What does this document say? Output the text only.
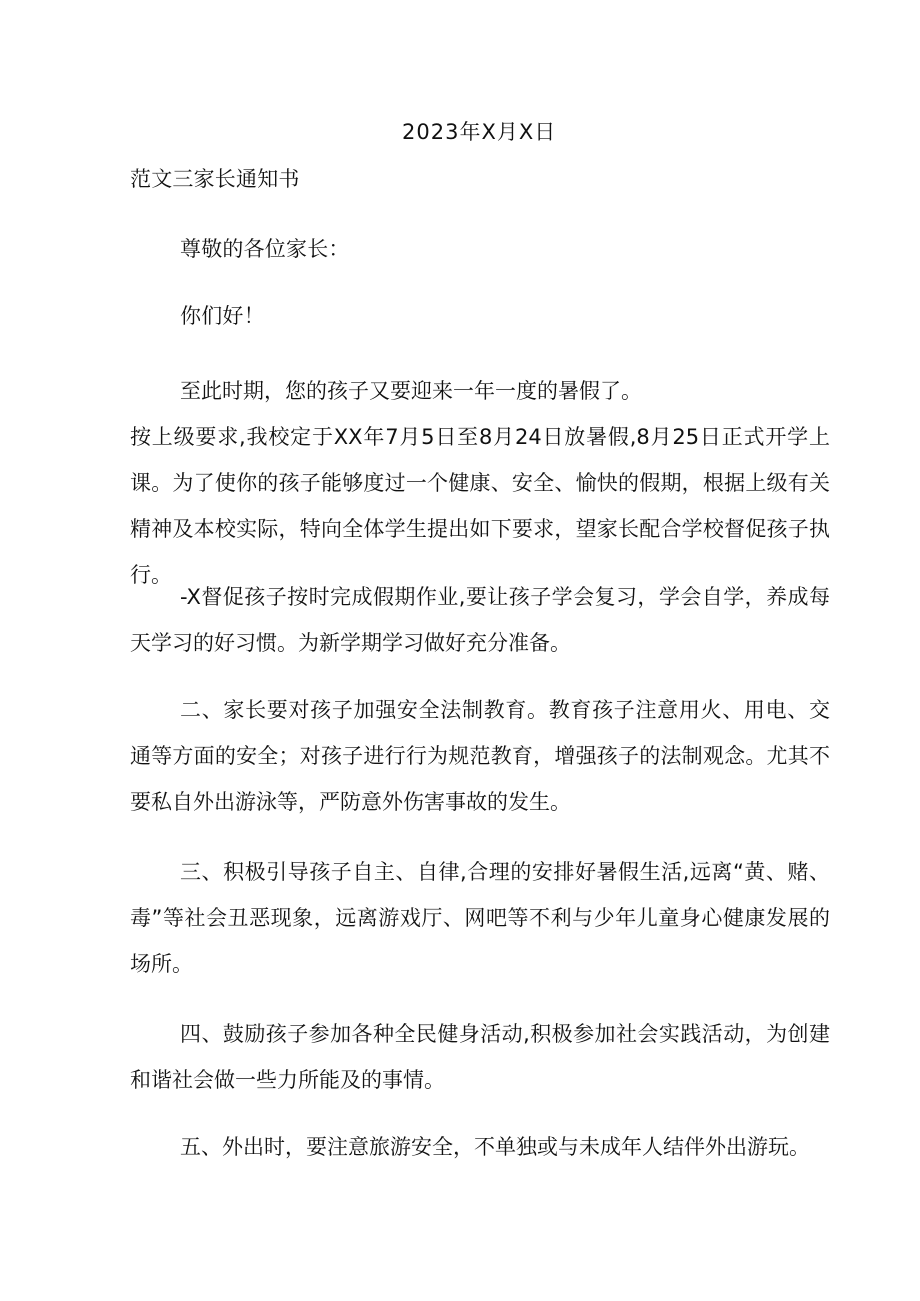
2023年X月X日
范文三家长通知书
尊敬的各位家长：
你们好！
至此时期，您的孩子又要迎来一年一度的暑假了。
按上级要求,我校定于XX年7月5日至8月24日放暑假,8月25日正式开学上课。为了使你的孩子能够度过一个健康、安全、愉快的假期，根据上级有关精神及本校实际，特向全体学生提出如下要求，望家长配合学校督促孩子执行。
-X督促孩子按时完成假期作业,要让孩子学会复习，学会自学，养成每天学习的好习惯。为新学期学习做好充分准备。
二、家长要对孩子加强安全法制教育。教育孩子注意用火、用电、交通等方面的安全；对孩子进行行为规范教育，增强孩子的法制观念。尤其不要私自外出游泳等，严防意外伤害事故的发生。
三、积极引导孩子自主、自律,合理的安排好暑假生活,远离“黄、赌、毒”等社会丑恶现象，远离游戏厅、网吧等不利与少年儿童身心健康发展的场所。
四、鼓励孩子参加各种全民健身活动,积极参加社会实践活动，为创建和谐社会做一些力所能及的事情。
五、外出时，要注意旅游安全，不单独或与未成年人结伴外出游玩。
